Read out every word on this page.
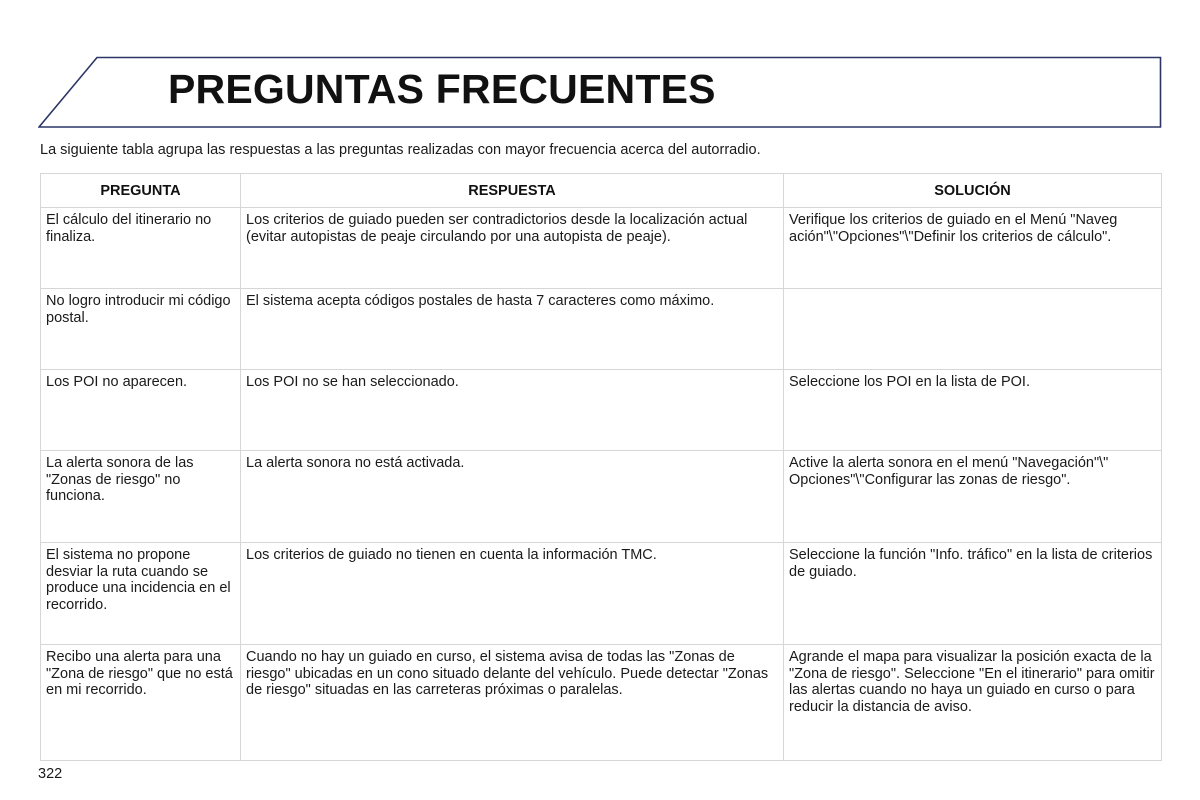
PREGUNTAS FRECUENTES

La siguiente tabla agrupa las respuestas a las preguntas realizadas con mayor frecuencia acerca del autorradio.

PREGUNTA	RESPUESTA	SOLUCIÓN
El cálculo del itinerario no finaliza.	Los criterios de guiado pueden ser contradictorios desde la localización actual (evitar autopistas de peaje circulando por una autopista de peaje).	Verifique los criterios de guiado en el Menú "Naveg ación"\"Opciones"\"Definir los criterios de cálculo".
No logro introducir mi código postal.	El sistema acepta códigos postales de hasta 7 caracteres como máximo.	
Los POI no aparecen.	Los POI no se han seleccionado.	Seleccione los POI en la lista de POI.
La alerta sonora de las "Zonas de riesgo" no funciona.	La alerta sonora no está activada.	Active la alerta sonora en el menú "Navegación"\" Opciones"\"Configurar las zonas de riesgo".
El sistema no propone desviar la ruta cuando se produce una incidencia en el recorrido.	Los criterios de guiado no tienen en cuenta la información TMC.	Seleccione la función "Info. tráfico" en la lista de criterios de guiado.
Recibo una alerta para una "Zona de riesgo" que no está en mi recorrido.	Cuando no hay un guiado en curso, el sistema avisa de todas las "Zonas de riesgo" ubicadas en un cono situado delante del vehículo. Puede detectar "Zonas de riesgo" situadas en las carreteras próximas o paralelas.	Agrande el mapa para visualizar la posición exacta de la "Zona de riesgo". Seleccione "En el itinerario" para omitir las alertas cuando no haya un guiado en curso o para reducir la distancia de aviso.

322
